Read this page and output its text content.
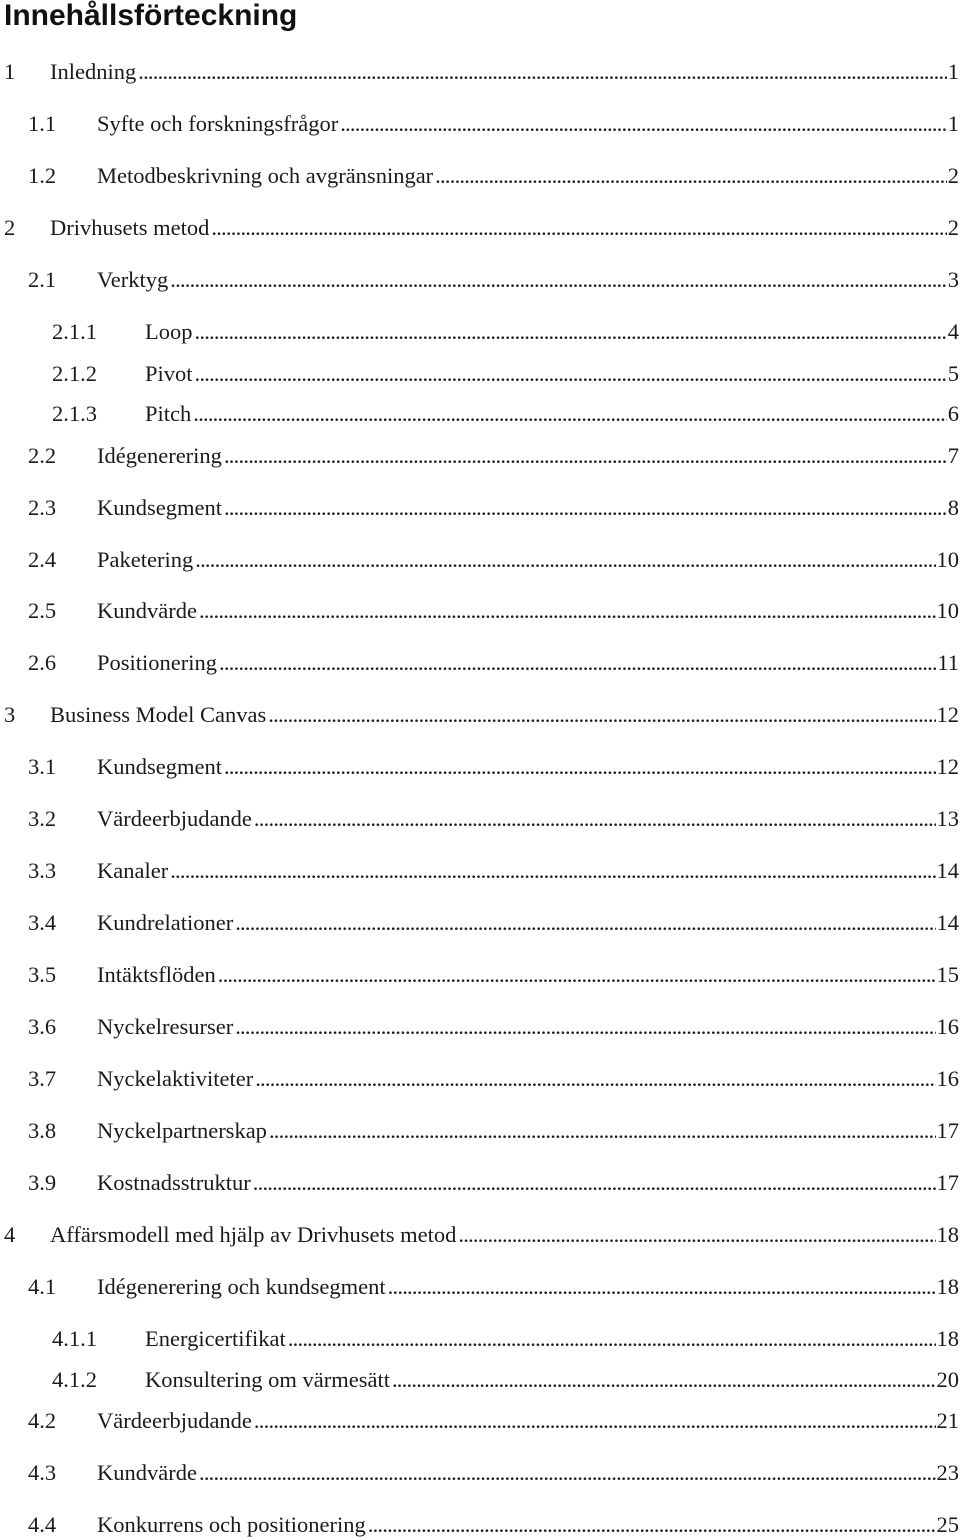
Innehållsförteckning
1 Inledning . . .	1
1.1 Syfte och forskningsfrågor . . .	1
1.2 Metodbeskrivning och avgränsningar . . .	2
2 Drivhusets metod . . .	2
2.1 Verktyg . . .	3
2.1.1 Loop . . .	4
2.1.2 Pivot . . .	5
2.1.3 Pitch . . .	6
2.2 Idégenerering . . .	7
2.3 Kundsegment . . .	8
2.4 Paketering . . .	10
2.5 Kundvärde . . .	10
2.6 Positionering . . .	11
3 Business Model Canvas . . .	12
3.1 Kundsegment . . .	12
3.2 Värdeerbjudande . . .	13
3.3 Kanaler . . .	14
3.4 Kundrelationer . . .	14
3.5 Intäktsflöden . . .	15
3.6 Nyckelresurser . . .	16
3.7 Nyckelaktiviteter . . .	16
3.8 Nyckelpartnerskap . . .	17
3.9 Kostnadsstruktur . . .	17
4 Affärsmodell med hjälp av Drivhusets metod . . .	18
4.1 Idégenerering och kundsegment . . .	18
4.1.1 Energicertifikat . . .	18
4.1.2 Konsultering om värmesätt . . .	20
4.2 Värdeerbjudande . . .	21
4.3 Kundvärde . . .	23
4.4 Konkurrens och positionering . . .	25
